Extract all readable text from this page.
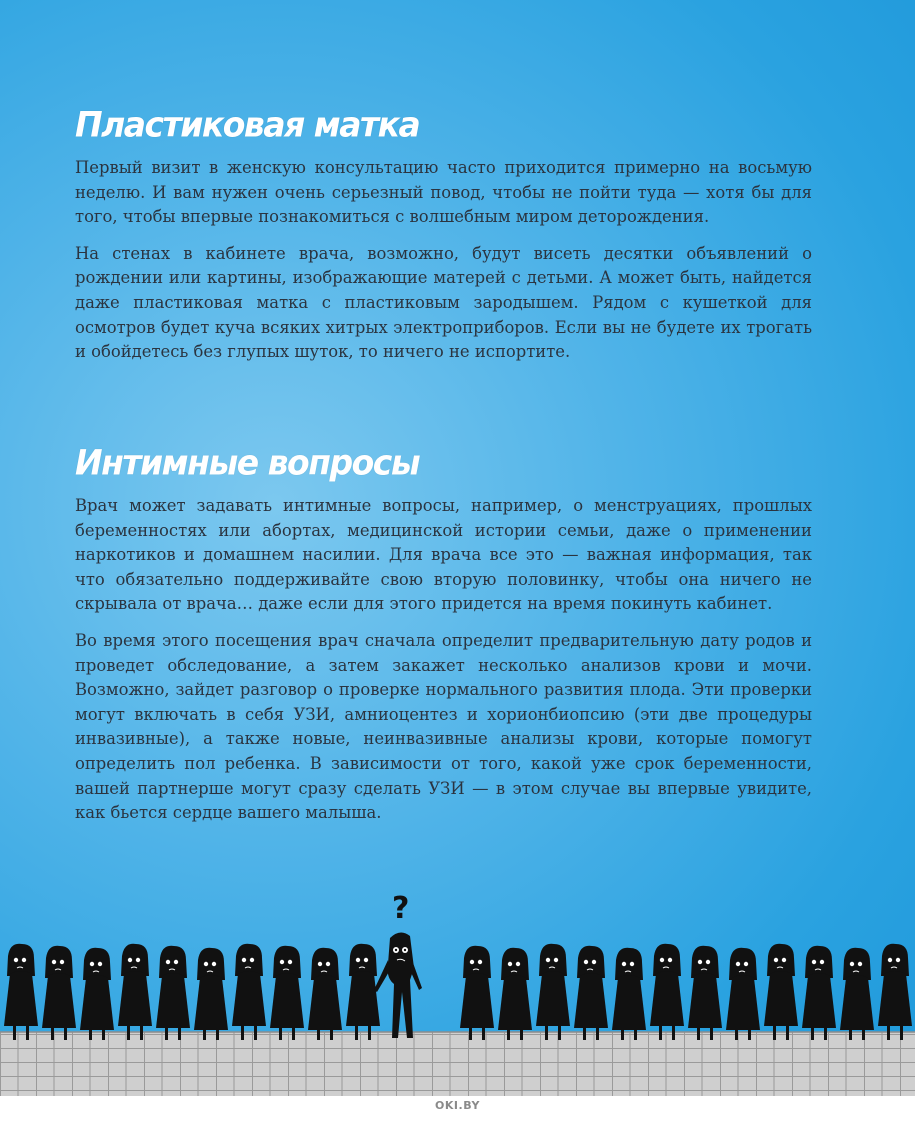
Пластиковая матка

Первый визит в женскую консультацию часто приходится примерно на восьмую неделю. И вам нужен очень серьезный повод, чтобы не пойти туда — хотя бы для того, чтобы впервые познакомиться с волшебным миром деторождения.

На стенах в кабинете врача, возможно, будут висеть десятки объявлений о рождении или картины, изображающие матерей с детьми. А может быть, найдется даже пластиковая матка с пластиковым зародышем. Рядом с кушеткой для осмотров будет куча всяких хитрых электроприборов. Если вы не будете их трогать и обойдетесь без глупых шуток, то ничего не испортите.

Интимные вопросы

Врач может задавать интимные вопросы, например, о менструациях, прошлых беременностях или абортах, медицинской истории семьи, даже о применении наркотиков и домашнем насилии. Для врача все это — важная информация, так что обязательно поддерживайте свою вторую половинку, чтобы она ничего не скрывала от врача… даже если для этого придется на время покинуть кабинет.

Во время этого посещения врач сначала определит предварительную дату родов и проведет обследование, а затем закажет несколько анализов крови и мочи. Возможно, зайдет разговор о проверке нормального развития плода. Эти проверки могут включать в себя УЗИ, амниоцентез и хорионбиопсию (эти две процедуры инвазивные), а также новые, неинвазивные анализы крови, которые помогут определить пол ребенка. В зависимости от того, какой уже срок беременности, вашей партнерше могут сразу сделать УЗИ — в этом случае вы впервые увидите, как бьется сердце вашего малыша.

?
OKI.BY
